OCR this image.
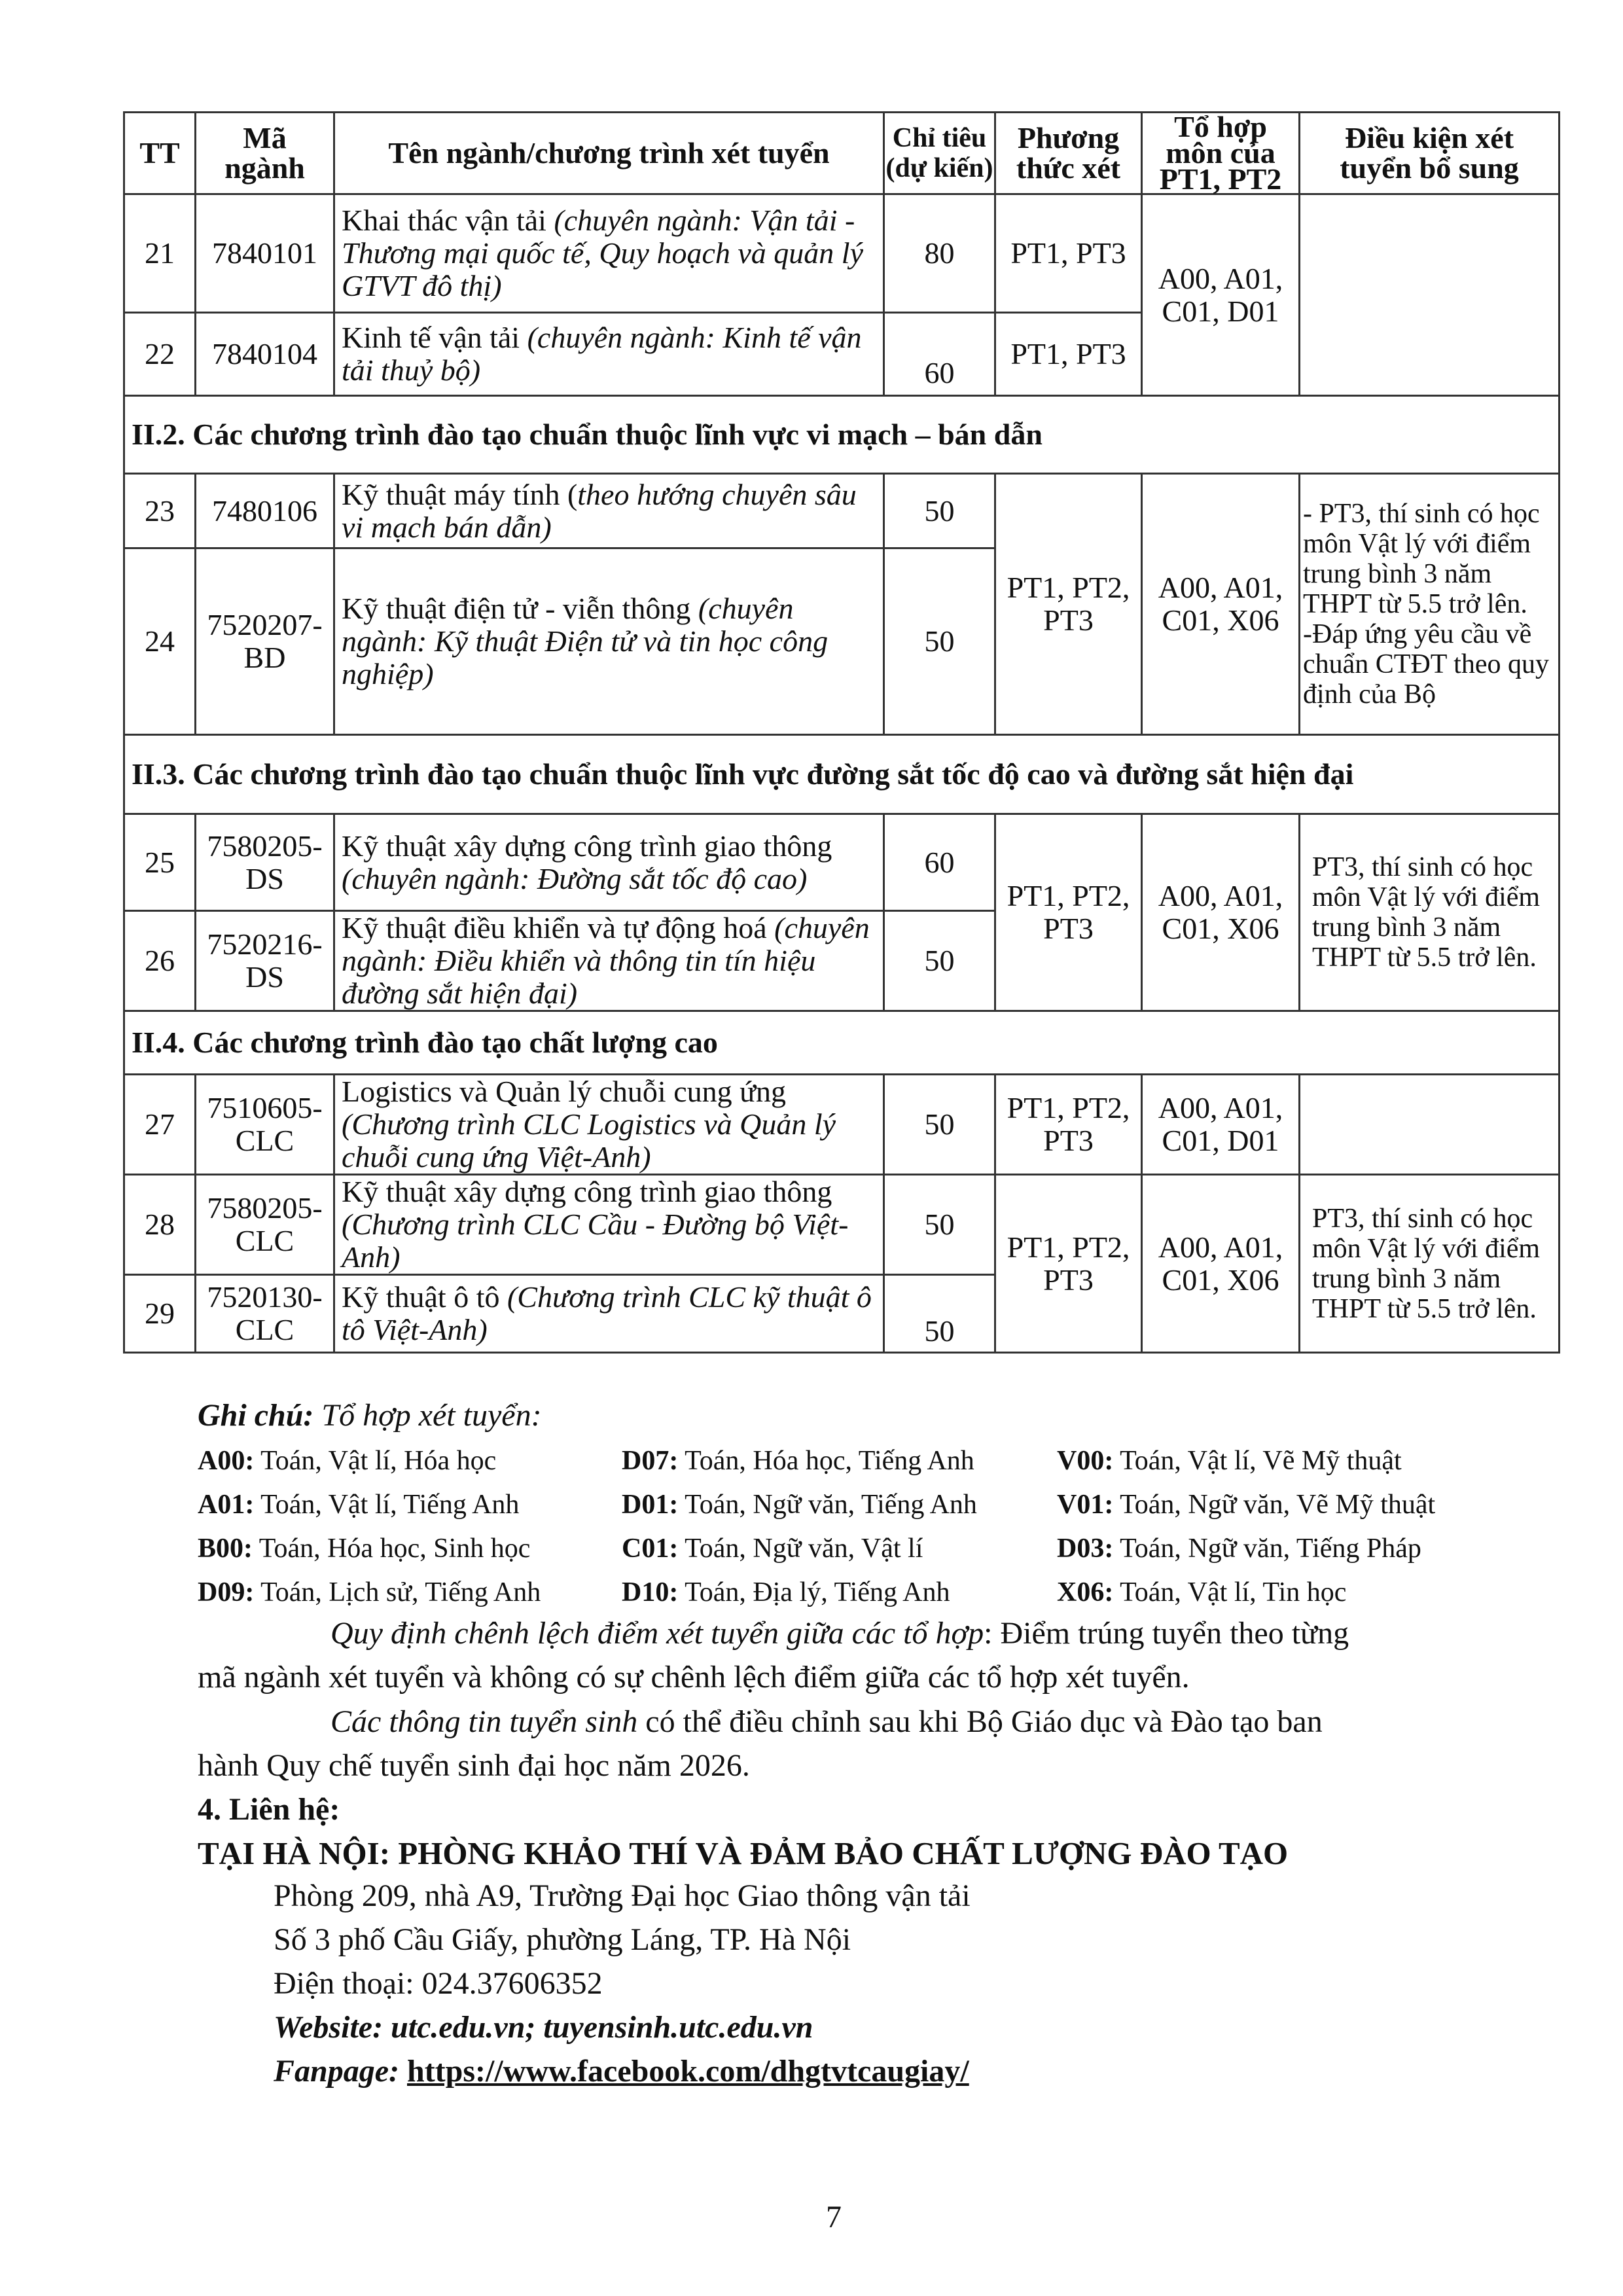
TT	Mã ngành	Tên ngành/chương trình xét tuyển	Chỉ tiêu (dự kiến)	Phương thức xét	Tổ hợp môn của PT1, PT2	Điều kiện xét tuyển bổ sung
21	7840101	Khai thác vận tải (chuyên ngành: Vận tải - Thương mại quốc tế, Quy hoạch và quản lý GTVT đô thị)	80	PT1, PT3	A00, A01, C01, D01	
22	7840104	Kinh tế vận tải (chuyên ngành: Kinh tế vận tải thuỷ bộ)	60	PT1, PT3		
II.2. Các chương trình đào tạo chuẩn thuộc lĩnh vực vi mạch – bán dẫn						
23	7480106	Kỹ thuật máy tính (theo hướng chuyên sâu vi mạch bán dẫn)	50	PT1, PT2, PT3	A00, A01, C01, X06	- PT3, thí sinh có học môn Vật lý với điểm trung bình 3 năm THPT từ 5.5 trở lên. -Đáp ứng yêu cầu về chuẩn CTĐT theo quy định của Bộ
24	7520207-BD	Kỹ thuật điện tử - viễn thông (chuyên ngành: Kỹ thuật Điện tử và tin học công nghiệp)	50			
II.3. Các chương trình đào tạo chuẩn thuộc lĩnh vực đường sắt tốc độ cao và đường sắt hiện đại						
25	7580205-DS	Kỹ thuật xây dựng công trình giao thông (chuyên ngành: Đường sắt tốc độ cao)	60	PT1, PT2, PT3	A00, A01, C01, X06	PT3, thí sinh có học môn Vật lý với điểm trung bình 3 năm THPT từ 5.5 trở lên.
26	7520216-DS	Kỹ thuật điều khiển và tự động hoá (chuyên ngành: Điều khiển và thông tin tín hiệu đường sắt hiện đại)	50			
II.4. Các chương trình đào tạo chất lượng cao						
27	7510605-CLC	Logistics và Quản lý chuỗi cung ứng (Chương trình CLC Logistics và Quản lý chuỗi cung ứng Việt-Anh)	50	PT1, PT2, PT3	A00, A01, C01, D01	
28	7580205-CLC	Kỹ thuật xây dựng công trình giao thông (Chương trình CLC Cầu - Đường bộ Việt-Anh)	50	PT1, PT2, PT3	A00, A01, C01, X06	PT3, thí sinh có học môn Vật lý với điểm trung bình 3 năm THPT từ 5.5 trở lên.
29	7520130-CLC	Kỹ thuật ô tô (Chương trình CLC kỹ thuật ô tô Việt-Anh)	50			
Ghi chú: Tổ hợp xét tuyển:
A00: Toán, Vật lí, Hóa học	D07: Toán, Hóa học, Tiếng Anh	V00: Toán, Vật lí, Vẽ Mỹ thuật
A01: Toán, Vật lí, Tiếng Anh	D01: Toán, Ngữ văn, Tiếng Anh	V01: Toán, Ngữ văn, Vẽ Mỹ thuật
B00: Toán, Hóa học, Sinh học	C01: Toán, Ngữ văn, Vật lí	D03: Toán, Ngữ văn, Tiếng Pháp
D09: Toán, Lịch sử, Tiếng Anh	D10: Toán, Địa lý, Tiếng Anh	X06: Toán, Vật lí, Tin học
Quy định chênh lệch điểm xét tuyển giữa các tổ hợp: Điểm trúng tuyển theo từng
mã ngành xét tuyển và không có sự chênh lệch điểm giữa các tổ hợp xét tuyển.
Các thông tin tuyển sinh có thể điều chỉnh sau khi Bộ Giáo dục và Đào tạo ban
hành Quy chế tuyển sinh đại học năm 2026.
4. Liên hệ:
TẠI HÀ NỘI: PHÒNG KHẢO THÍ VÀ ĐẢM BẢO CHẤT LƯỢNG ĐÀO TẠO
Phòng 209, nhà A9, Trường Đại học Giao thông vận tải
Số 3 phố Cầu Giấy, phường Láng, TP. Hà Nội
Điện thoại: 024.37606352
Website: utc.edu.vn; tuyensinh.utc.edu.vn
Fanpage: https://www.facebook.com/dhgtvtcaugiay/
7
